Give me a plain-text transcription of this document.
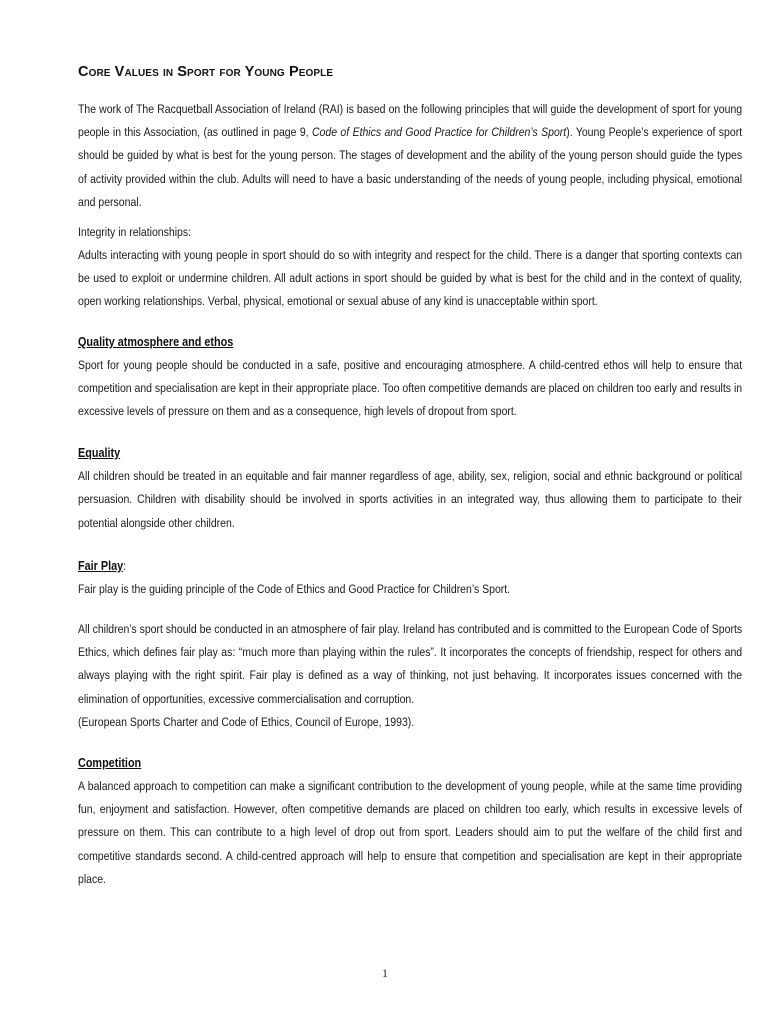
Core Values in Sport for Young People

The work of The Racquetball Association of Ireland (RAI) is based on the following principles that will guide the development of sport for young people in this Association, (as outlined in page 9, Code of Ethics and Good Practice for Children’s Sport). Young People’s experience of sport should be guided by what is best for the young person. The stages of development and the ability of the young person should guide the types of activity provided within the club. Adults will need to have a basic understanding of the needs of young people, including physical, emotional and personal.

Integrity in relationships:

Adults interacting with young people in sport should do so with integrity and respect for the child. There is a danger that sporting contexts can be used to exploit or undermine children. All adult actions in sport should be guided by what is best for the child and in the context of quality, open working relationships. Verbal, physical, emotional or sexual abuse of any kind is unacceptable within sport.

Quality atmosphere and ethos

Sport for young people should be conducted in a safe, positive and encouraging atmosphere. A child-centred ethos will help to ensure that competition and specialisation are kept in their appropriate place. Too often competitive demands are placed on children too early and results in excessive levels of pressure on them and as a consequence, high levels of dropout from sport.

Equality

All children should be treated in an equitable and fair manner regardless of age, ability, sex, religion, social and ethnic background or political persuasion. Children with disability should be involved in sports activities in an integrated way, thus allowing them to participate to their potential alongside other children.

Fair Play:

Fair play is the guiding principle of the Code of Ethics and Good Practice for Children’s Sport.

All children’s sport should be conducted in an atmosphere of fair play. Ireland has contributed and is committed to the European Code of Sports Ethics, which defines fair play as: “much more than playing within the rules”. It incorporates the concepts of friendship, respect for others and always playing with the right spirit. Fair play is defined as a way of thinking, not just behaving. It incorporates issues concerned with the elimination of opportunities, excessive commercialisation and corruption.

(European Sports Charter and Code of Ethics, Council of Europe, 1993).

Competition

A balanced approach to competition can make a significant contribution to the development of young people, while at the same time providing fun, enjoyment and satisfaction. However, often competitive demands are placed on children too early, which results in excessive levels of pressure on them. This can contribute to a high level of drop out from sport. Leaders should aim to put the welfare of the child first and competitive standards second. A child-centred approach will help to ensure that competition and specialisation are kept in their appropriate place.

1
